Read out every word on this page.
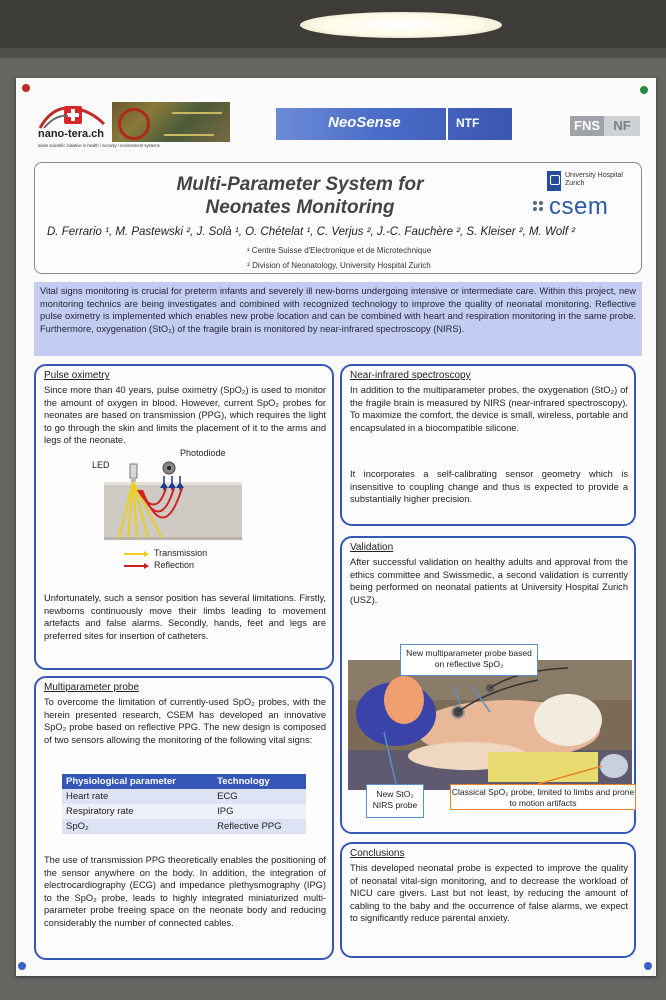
nano-tera.ch
swiss scientific initiative in health / security / environment systems
NeoSense	NTF	FNS	NF
Multi-Parameter System for
Neonates Monitoring
University Hospital
Zurich
csem
D. Ferrario ¹, M. Pastewski ², J. Solà ¹, O. Chételat ¹, C. Verjus ², J.-C. Fauchère ², S. Kleiser ², M. Wolf ²
¹ Centre Suisse d'Electronique et de Microtechnique
² Division of Neonatology, University Hospital Zurich
Vital signs monitoring is crucial for preterm infants and severely ill new-borns undergoing intensive or intermediate care. Within this project, new monitoring technics are being investigates and combined with recognized technology to improve the quality of neonatal monitoring. Reflective pulse oximetry is implemented which enables new probe location and can be combined with heart and respiration monitoring in the same probe. Furthermore, oxygenation (StO₂) of the fragile brain is monitored by near-infrared spectroscopy (NIRS).
Pulse oximetry
Since more than 40 years, pulse oximetry (SpO₂) is used to monitor the amount of oxygen in blood. However, current SpO₂ probes for neonates are based on transmission (PPG), which requires the light to go through the skin and limits the placement of it to the arms and legs of the neonate.
LED
Photodiode
Transmission
Reflection
Unfortunately, such a sensor position has several limitations. Firstly, newborns continuously move their limbs leading to movement artefacts and false alarms. Secondly, hands, feet and legs are preferred sites for insertion of catheters.
Multiparameter probe
To overcome the limitation of currently-used SpO₂ probes, with the herein presented research, CSEM has developed an innovative SpO₂ probe based on reflective PPG. The new design is composed of two sensors allowing the monitoring of the following vital signs:
Physiological parameter	Technology
Heart rate	ECG
Respiratory rate	IPG
SpO₂	Reflective PPG
The use of transmission PPG theoretically enables the positioning of the sensor anywhere on the body. In addition, the integration of electrocardiography (ECG) and impedance plethysmography (IPG) to the SpO₂ probe, leads to highly integrated miniaturized multi-parameter probe freeing space on the neonate body and reducing considerably the number of connected cables.
Near-infrared spectroscopy
In addition to the multiparameter probes, the oxygenation (StO₂) of the fragile brain is measured by NIRS (near-infrared spectroscopy). To maximize the comfort, the device is small, wireless, portable and encapsulated in a biocompatible silicone.
It incorporates a self-calibrating sensor geometry which is insensitive to coupling change and thus is expected to provide a substantially higher precision.
Validation
After successful validation on healthy adults and approval from the ethics committee and Swissmedic, a second validation is currently being performed on neonatal patients at University Hospital Zurich (USZ).
New multiparameter probe based on reflective SpO₂
New StO₂ NIRS probe
Classical SpO₂ probe, limited to limbs and prone to motion artifacts
Conclusions
This developed neonatal probe is expected to improve the quality of neonatal vital-sign monitoring, and to decrease the workload of NICU care givers. Last but not least, by reducing the amount of cabling to the baby and the occurrence of false alarms, we expect to significantly reduce parental anxiety.
